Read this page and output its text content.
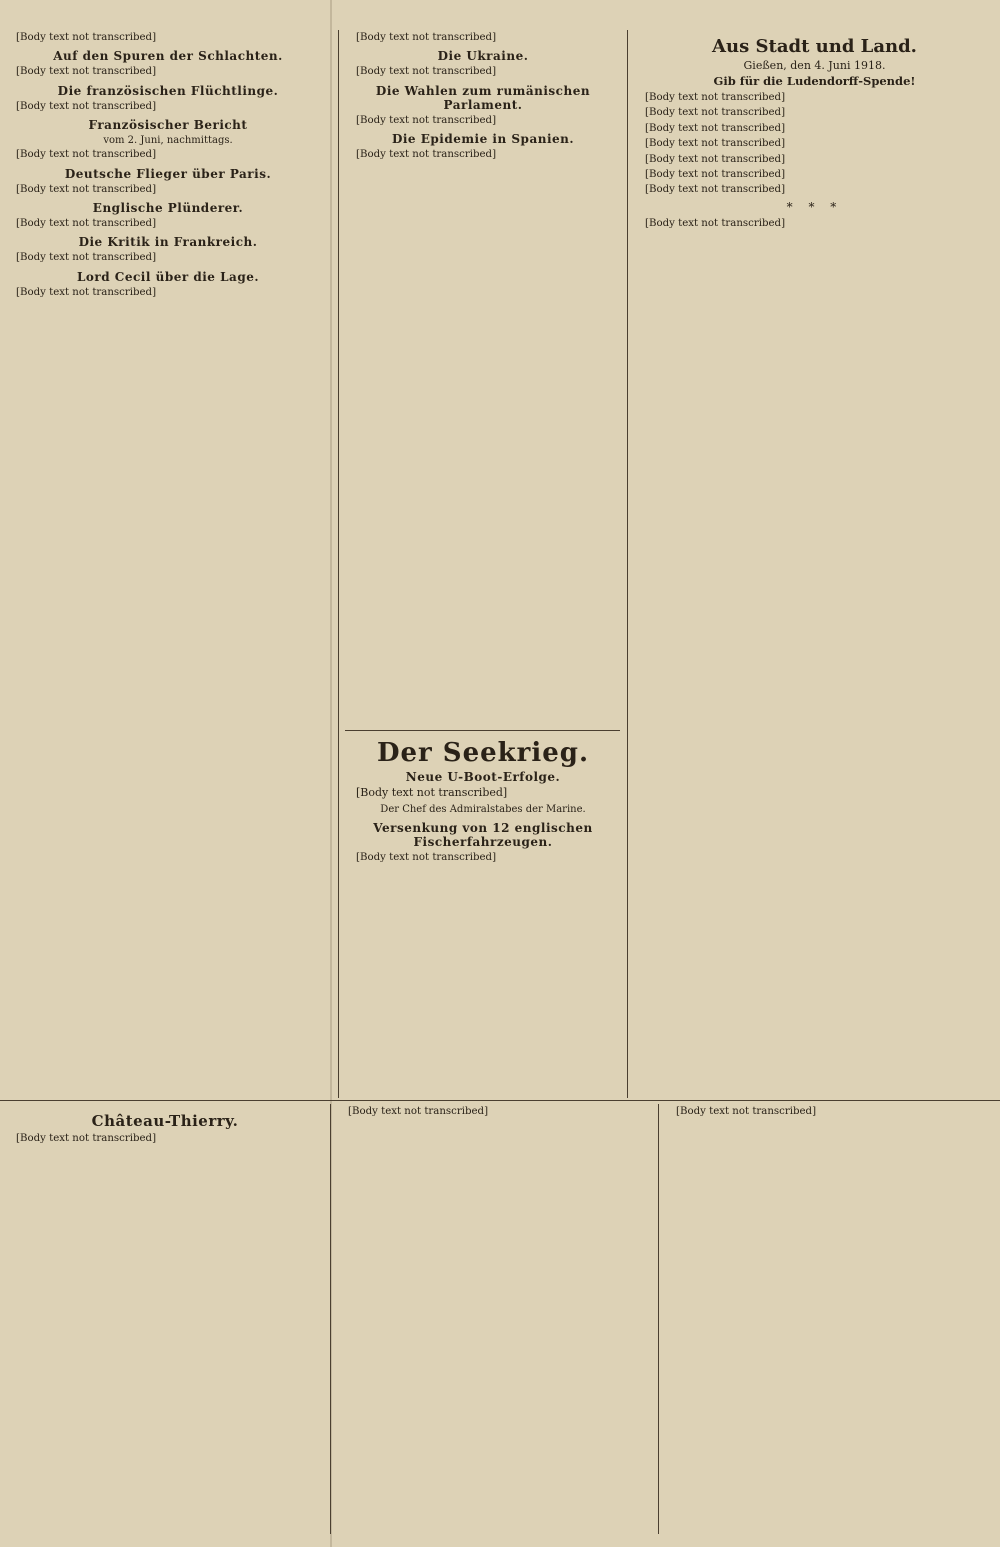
[Body text not transcribed]

Auf den Spuren der Schlachten.

[Body text not transcribed]

Die französischen Flüchtlinge.

[Body text not transcribed]

Französischer Bericht
vom 2. Juni, nachmittags.

[Body text not transcribed]

Deutsche Flieger über Paris.

[Body text not transcribed]

Englische Plünderer.

[Body text not transcribed]

Die Kritik in Frankreich.

[Body text not transcribed]

Lord Cecil über die Lage.

[Body text not transcribed]

[Body text not transcribed]

Die Ukraine.

[Body text not transcribed]

Die Wahlen zum rumänischen Parlament.

[Body text not transcribed]

Die Epidemie in Spanien.

[Body text not transcribed]

Der Seekrieg.
Neue U-Boot-Erfolge.

[Body text not transcribed]

Der Chef des Admiralstabes der Marine.
Versenkung von 12 englischen Fischerfahrzeugen.

[Body text not transcribed]

Aus Stadt und Land.
Gießen, den 4. Juni 1918.
Gib für die Ludendorff-Spende!

[Body text not transcribed]

[Body text not transcribed]

[Body text not transcribed]

[Body text not transcribed]

[Body text not transcribed]

[Body text not transcribed]

[Body text not transcribed]

* * *

[Body text not transcribed]

Château-Thierry.

[Body text not transcribed]

[Body text not transcribed]	[Body text not transcribed]
